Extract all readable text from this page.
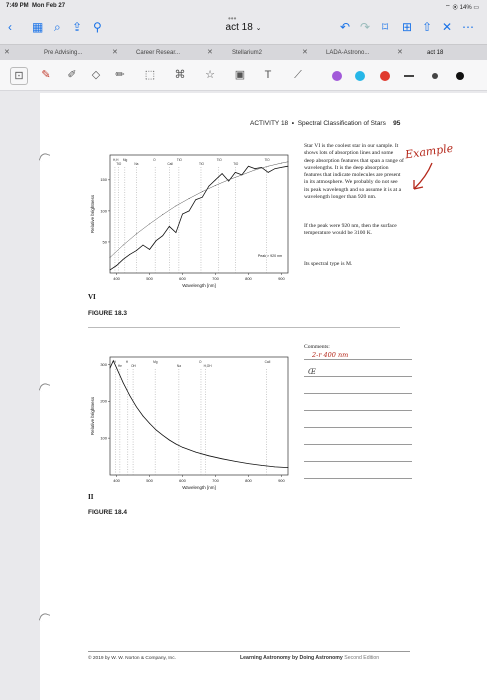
7:49 PM Mon Feb 27	⌔ ◉ 14% ▭
‹ ▦ ⌕ ⇪ ⚲	act 18 ⌄
•••
↶ ↷ ⌑ ⊞ ⇧ ✕ ⋯
✕	Pre Advising...	✕	Career Resear...	✕	Stellarium2	✕	LADA-Astrono...	✕	act 18
⊡	✎	✐	◇	✏	⬚ ⌘ ☆ ▣	T	⟋
ACTIVITY 18 • Spectral Classification of Stars 95
H,H
TiO
Mg
Na
O
CaII
TiO
TiO
TiO
TiO
TiO
400	500	600	700	800	900
50
100
150
Wavelength [nm]
Relative brightness
Peak > 920 nm
VI
FIGURE 18.3
Star VI is the coolest star in our sample. It shows lots of absorption lines and some deep absorption features that span a range of wavelengths. It is the deep absorption features that indicate molecules are present in its atmosphere. We probably do not see its peak wavelength and so assume it is at a wavelength longer than 920 nm.
If the peak were 920 nm, then the surface temperature would be 3100 K.
Its spectral type is M.
Example
H
He
H
OH
Mg
Na
O
H,OH
CaII
400	500	600	700	800	900
100
200
300
Wavelength [nm]
Relative brightness
II
FIGURE 18.4
Comments:
2-r 400 nm
Œ
© 2019 by W. W. Norton & Company, Inc.	Learning Astronomy by Doing Astronomy Second Edition
